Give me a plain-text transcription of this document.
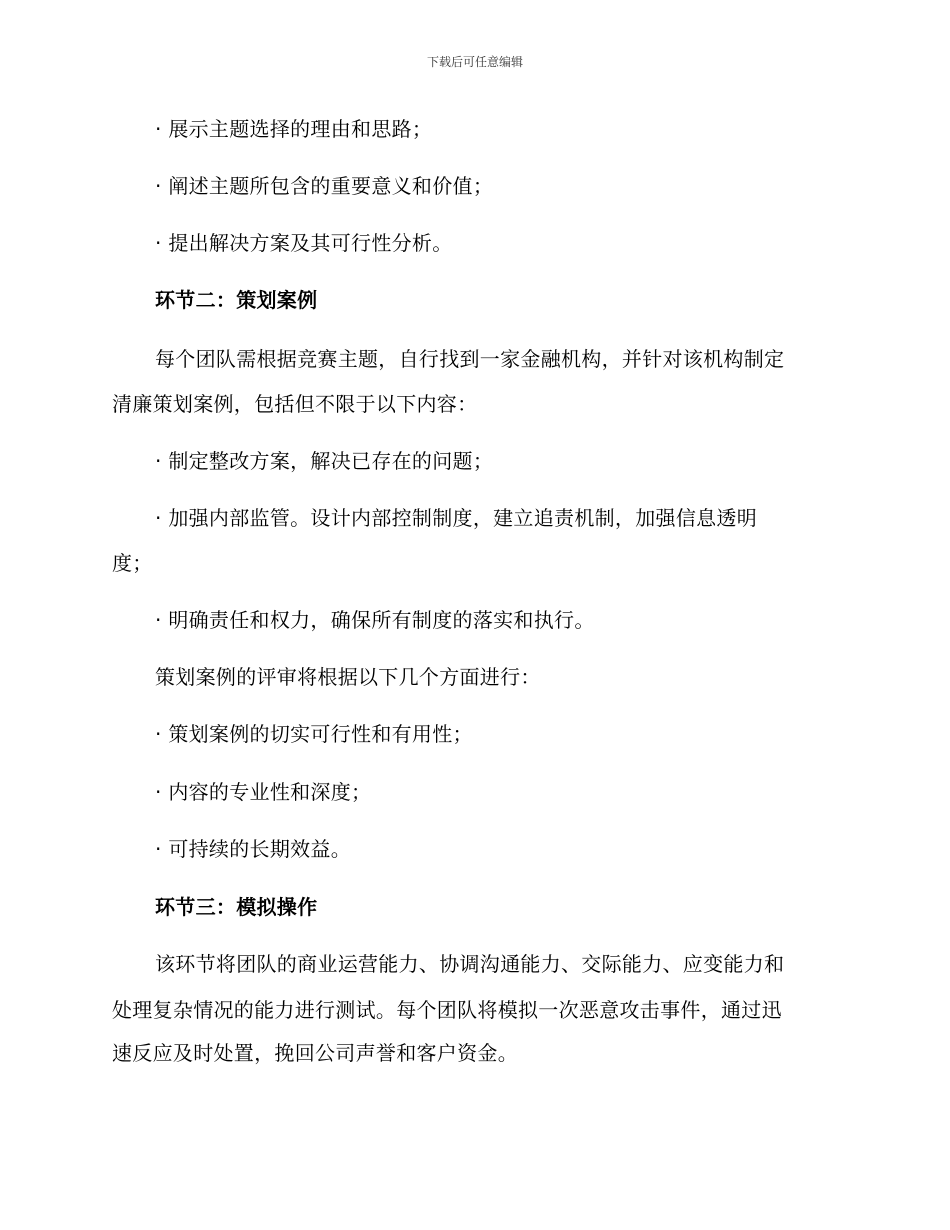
下载后可任意编辑
· 展示主题选择的理由和思路；
· 阐述主题所包含的重要意义和价值；
· 提出解决方案及其可行性分析。
环节二：策划案例
每个团队需根据竞赛主题，自行找到一家金融机构，并针对该机构制定
清廉策划案例，包括但不限于以下内容：
· 制定整改方案，解决已存在的问题；
· 加强内部监管。设计内部控制制度，建立追责机制，加强信息透明
度；
· 明确责任和权力，确保所有制度的落实和执行。
策划案例的评审将根据以下几个方面进行：
· 策划案例的切实可行性和有用性；
· 内容的专业性和深度；
· 可持续的长期效益。
环节三：模拟操作
该环节将团队的商业运营能力、协调沟通能力、交际能力、应变能力和
处理复杂情况的能力进行测试。每个团队将模拟一次恶意攻击事件，通过迅
速反应及时处置，挽回公司声誉和客户资金。
